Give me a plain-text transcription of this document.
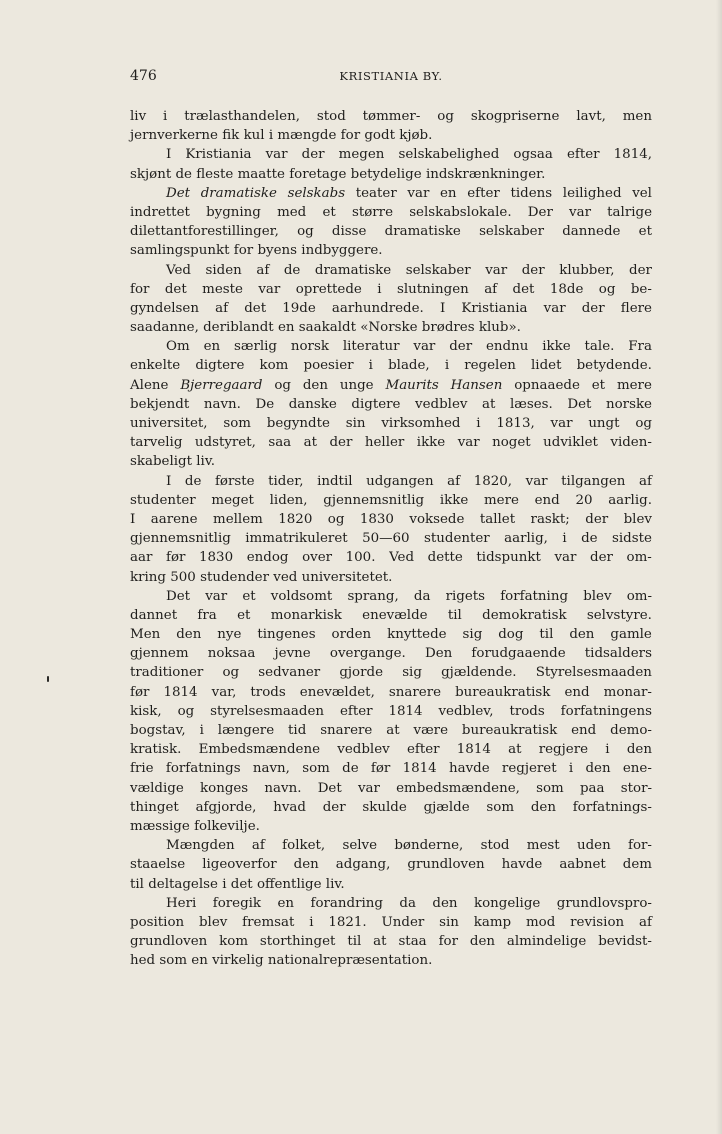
476	KRISTIANIA BY.
liv i trælasthandelen, stod tømmer- og skogpriserne lavt, men
jernverkerne fik kul i mængde for godt kjøb.
I Kristiania var der megen selskabelighed ogsaa efter 1814,
skjønt de fleste maatte foretage betydelige indskrænkninger.
Det dramatiske selskabs teater var en efter tidens leilighed vel
indrettet bygning med et større selskabslokale. Der var talrige
dilettantforestillinger, og disse dramatiske selskaber dannede et
samlingspunkt for byens indbyggere.
Ved siden af de dramatiske selskaber var der klubber, der
for det meste var oprettede i slutningen af det 18de og be-
gyndelsen af det 19de aarhundrede. I Kristiania var der flere
saadanne, deriblandt en saakaldt «Norske brødres klub».
Om en særlig norsk literatur var der endnu ikke tale. Fra
enkelte digtere kom poesier i blade, i regelen lidet betydende.
Alene Bjerregaard og den unge Maurits Hansen opnaaede et mere
bekjendt navn. De danske digtere vedblev at læses. Det norske
universitet, som begyndte sin virksomhed i 1813, var ungt og
tarvelig udstyret, saa at der heller ikke var noget udviklet viden-
skabeligt liv.
I de første tider, indtil udgangen af 1820, var tilgangen af
studenter meget liden, gjennemsnitlig ikke mere end 20 aarlig.
I aarene mellem 1820 og 1830 voksede tallet raskt; der blev
gjennemsnitlig immatrikuleret 50—60 studenter aarlig, i de sidste
aar før 1830 endog over 100. Ved dette tidspunkt var der om-
kring 500 studender ved universitetet.
Det var et voldsomt sprang, da rigets forfatning blev om-
dannet fra et monarkisk enevælde til demokratisk selvstyre.
Men den nye tingenes orden knyttede sig dog til den gamle
gjennem noksaa jevne overgange. Den forudgaaende tidsalders
traditioner og sedvaner gjorde sig gjældende. Styrelsesmaaden
før 1814 var, trods enevældet, snarere bureaukratisk end monar-
kisk, og styrelsesmaaden efter 1814 vedblev, trods forfatningens
bogstav, i længere tid snarere at være bureaukratisk end demo-
kratisk. Embedsmændene vedblev efter 1814 at regjere i den
frie forfatnings navn, som de før 1814 havde regjeret i den ene-
vældige konges navn. Det var embedsmændene, som paa stor-
thinget afgjorde, hvad der skulde gjælde som den forfatnings-
mæssige folkevilje.
Mængden af folket, selve bønderne, stod mest uden for-
staaelse ligeoverfor den adgang, grundloven havde aabnet dem
til deltagelse i det offentlige liv.
Heri foregik en forandring da den kongelige grundlovspro-
position blev fremsat i 1821. Under sin kamp mod revision af
grundloven kom storthinget til at staa for den almindelige bevidst-
hed som en virkelig nationalrepræsentation.
